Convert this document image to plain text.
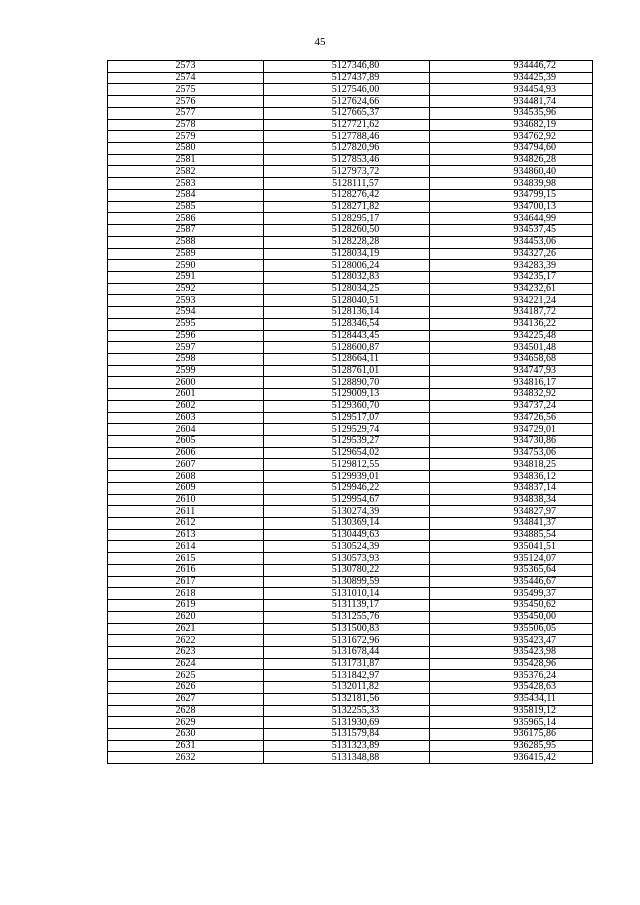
45
2573	5127346,80	934446,72
2574	5127437,89	934425,39
2575	5127546,00	934454,93
2576	5127624,66	934481,74
2577	5127665,37	934535,96
2578	5127721,62	934682,19
2579	5127788,46	934762,92
2580	5127820,96	934794,60
2581	5127853,46	934826,28
2582	5127973,72	934860,40
2583	5128111,57	934839,98
2584	5128276,42	934799,15
2585	5128271,82	934700,13
2586	5128295,17	934644,99
2587	5128260,50	934537,45
2588	5128228,28	934453,06
2589	5128034,19	934327,26
2590	5128006,24	934283,39
2591	5128032,83	934235,17
2592	5128034,25	934232,61
2593	5128040,51	934221,24
2594	5128136,14	934187,72
2595	5128346,54	934136,22
2596	5128443,45	934225,48
2597	5128600,87	934501,48
2598	5128664,11	934658,68
2599	5128761,01	934747,93
2600	5128890,70	934816,17
2601	5129009,13	934832,92
2602	5129360,70	934737,24
2603	5129517,07	934726,56
2604	5129529,74	934729,01
2605	5129539,27	934730,86
2606	5129654,02	934753,06
2607	5129812,55	934818,25
2608	5129939,01	934836,12
2609	5129946,22	934837,14
2610	5129954,67	934838,34
2611	5130274,39	934827,97
2612	5130369,14	934841,37
2613	5130449,63	934885,54
2614	5130524,39	935041,51
2615	5130573,93	935124,07
2616	5130780,22	935365,64
2617	5130899,59	935446,67
2618	5131010,14	935499,37
2619	5131139,17	935450,62
2620	5131255,76	935450,00
2621	5131500,83	935506,05
2622	5131672,96	935423,47
2623	5131678,44	935423,98
2624	5131731,87	935428,96
2625	5131842,97	935376,24
2626	5132011,82	935428,63
2627	5132181,56	935434,11
2628	5132255,33	935819,12
2629	5131930,69	935965,14
2630	5131579,84	936175,86
2631	5131323,89	936285,95
2632	5131348,88	936415,42
